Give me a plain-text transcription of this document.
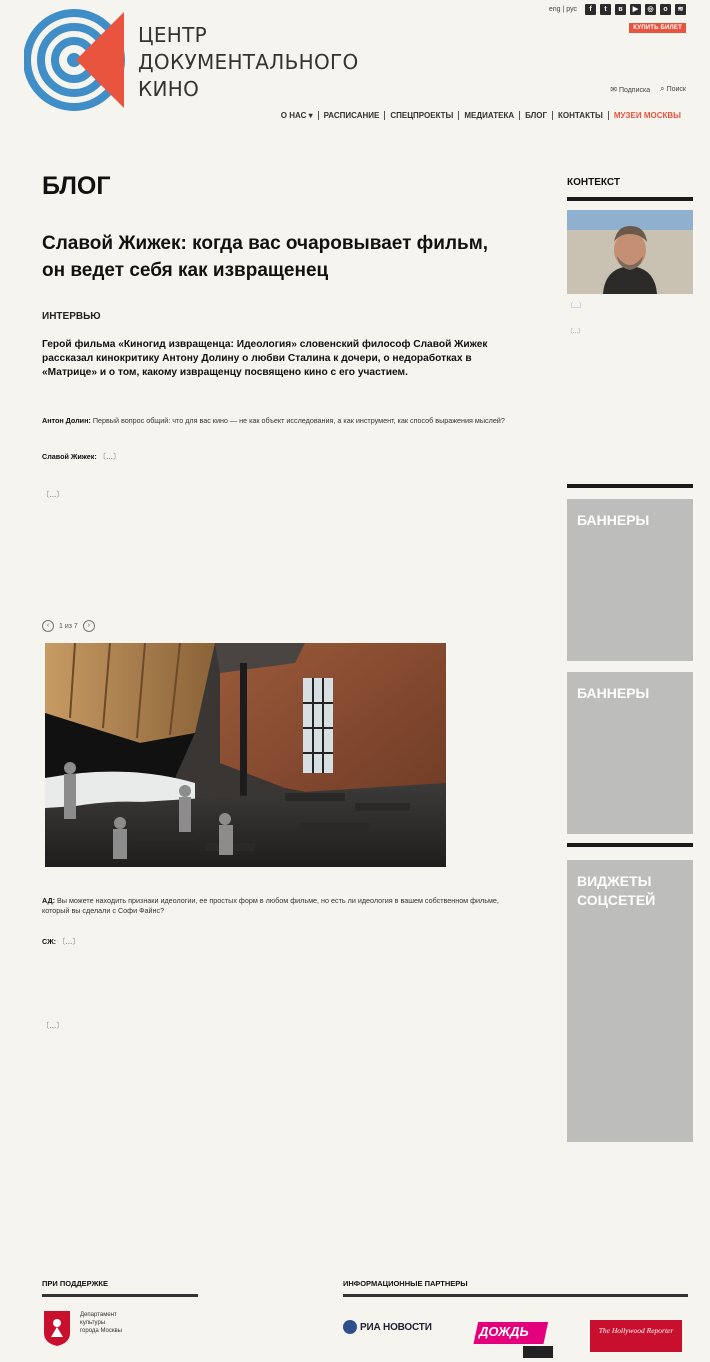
ЦЕНТР
ДОКУМЕНТАЛЬНОГО
КИНО
eng | рус	f	t	в	▶	◎	o	≋
КУПИТЬ БИЛЕТ
✉ Подписка ⌕ Поиск
О НАС ▾	РАСПИСАНИЕ	СПЕЦПРОЕКТЫ	МЕДИАТЕКА	БЛОГ	КОНТАКТЫ	МУЗЕИ МОСКВЫ
БЛОГ
Славой Жижек: когда вас очаровывает фильм, он ведет себя как извращенец
ИНТЕРВЬЮ
Герой фильма «Киногид извращенца: Идеология» словенский философ Славой Жижек рассказал кинокритику Антону Долину о любви Сталина к дочери, о недоработках в «Матрице» и о том, какому извращенцу посвящено кино с его участием.

Антон Долин: Первый вопрос общий: что для вас кино — не как объект исследования, а как инструмент, как способ выражения мыслей?

Славой Жижек: 〔…〕

〔…〕

‹	1 из 7	›

АД: Вы можете находить признаки идеологии, ее простых форм в любом фильме, но есть ли идеология в вашем собственном фильме, который вы сделали с Софи Файнс?

СЖ: 〔…〕

〔…〕

КОНТЕКСТ
〔…〕
〔…〕
БАННЕРЫ
БАННЕРЫ
ВИДЖЕТЫ СОЦСЕТЕЙ
ПРИ ПОДДЕРЖКЕ
Департамент
культуры
города Москвы
ИНФОРМАЦИОННЫЕ ПАРТНЕРЫ
РИА НОВОСТИ	ДОЖДЬ	The Hollywood Reporter
